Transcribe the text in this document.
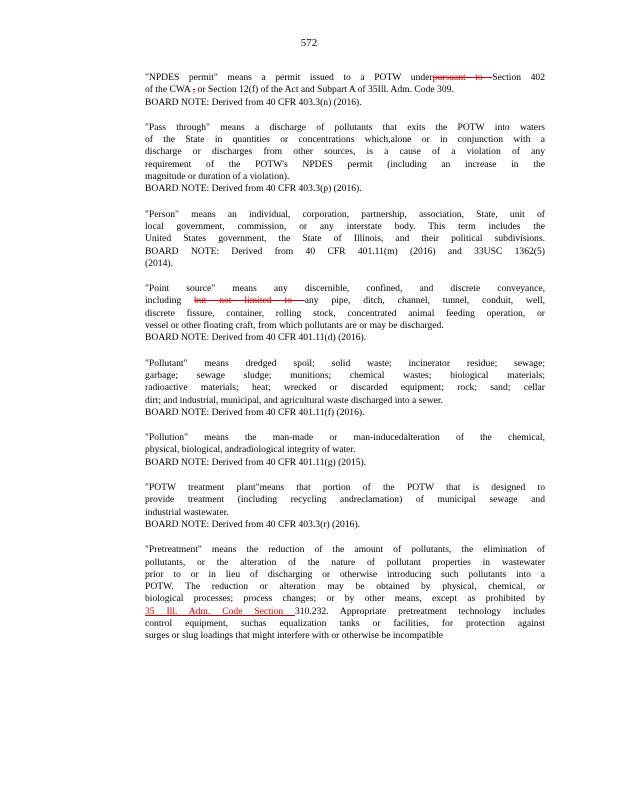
572
"NPDES permit" means a permit issued to a POTW underpursuant to Section 402
of the CWA , or Section 12(f) of the Act and Subpart A of 35Ill. Adm. Code 309.
BOARD NOTE: Derived from 40 CFR 403.3(n) (2016).
"Pass through" means a discharge of pollutants that exits the POTW into waters
of the State in quantities or concentrations which,alone or in conjunction with a
discharge or discharges from other sources, is a cause of a violation of any
requirement of the POTW's NPDES permit (including an increase in the
magnitude or duration of a violation).
BOARD NOTE: Derived from 40 CFR 403.3(p) (2016).
"Person" means an individual, corporation, partnership, association, State, unit of
local government, commission, or any interstate body. This term includes the
United States government, the State of Illinois, and their political subdivisions.
BOARD NOTE: Derived from 40 CFR 401.11(m) (2016) and 33USC 1362(5)
(2014).
"Point source" means any discernible, confined, and discrete conveyance,
including but not limited to any pipe, ditch, channel, tunnel, conduit, well,
discrete fissure, container, rolling stock, concentrated animal feeding operation, or
vessel or other floating craft, from which pollutants are or may be discharged.
BOARD NOTE: Derived from 40 CFR 401.11(d) (2016).
"Pollutant" means dredged spoil; solid waste; incinerator residue; sewage;
garbage; sewage sludge; munitions; chemical wastes; biological materials;
radioactive materials; heat; wrecked or discarded equipment; rock; sand; cellar
dirt; and industrial, municipal, and agricultural waste discharged into a sewer.
BOARD NOTE: Derived from 40 CFR 401.11(f) (2016).
"Pollution" means the man-made or man-inducedalteration of the chemical,
physical, biological, andradiological integrity of water.
BOARD NOTE: Derived from 40 CFR 401.11(g) (2015).
"POTW treatment plant"means that portion of the POTW that is designed to
provide treatment (including recycling andreclamation) of municipal sewage and
industrial wastewater.
BOARD NOTE: Derived from 40 CFR 403.3(r) (2016).
"Pretreatment" means the reduction of the amount of pollutants, the elimination of
pollutants, or the alteration of the nature of pollutant properties in wastewater
prior to or in lieu of discharging or otherwise introducing such pollutants into a
POTW. The reduction or alteration may be obtained by physical, chemical, or
biological processes; process changes; or by other means, except as prohibited by
35 Ill. Adm. Code Section 310.232. Appropriate pretreatment technology includes
control equipment, suchas equalization tanks or facilities, for protection against
surges or slug loadings that might interfere with or otherwise be incompatible
